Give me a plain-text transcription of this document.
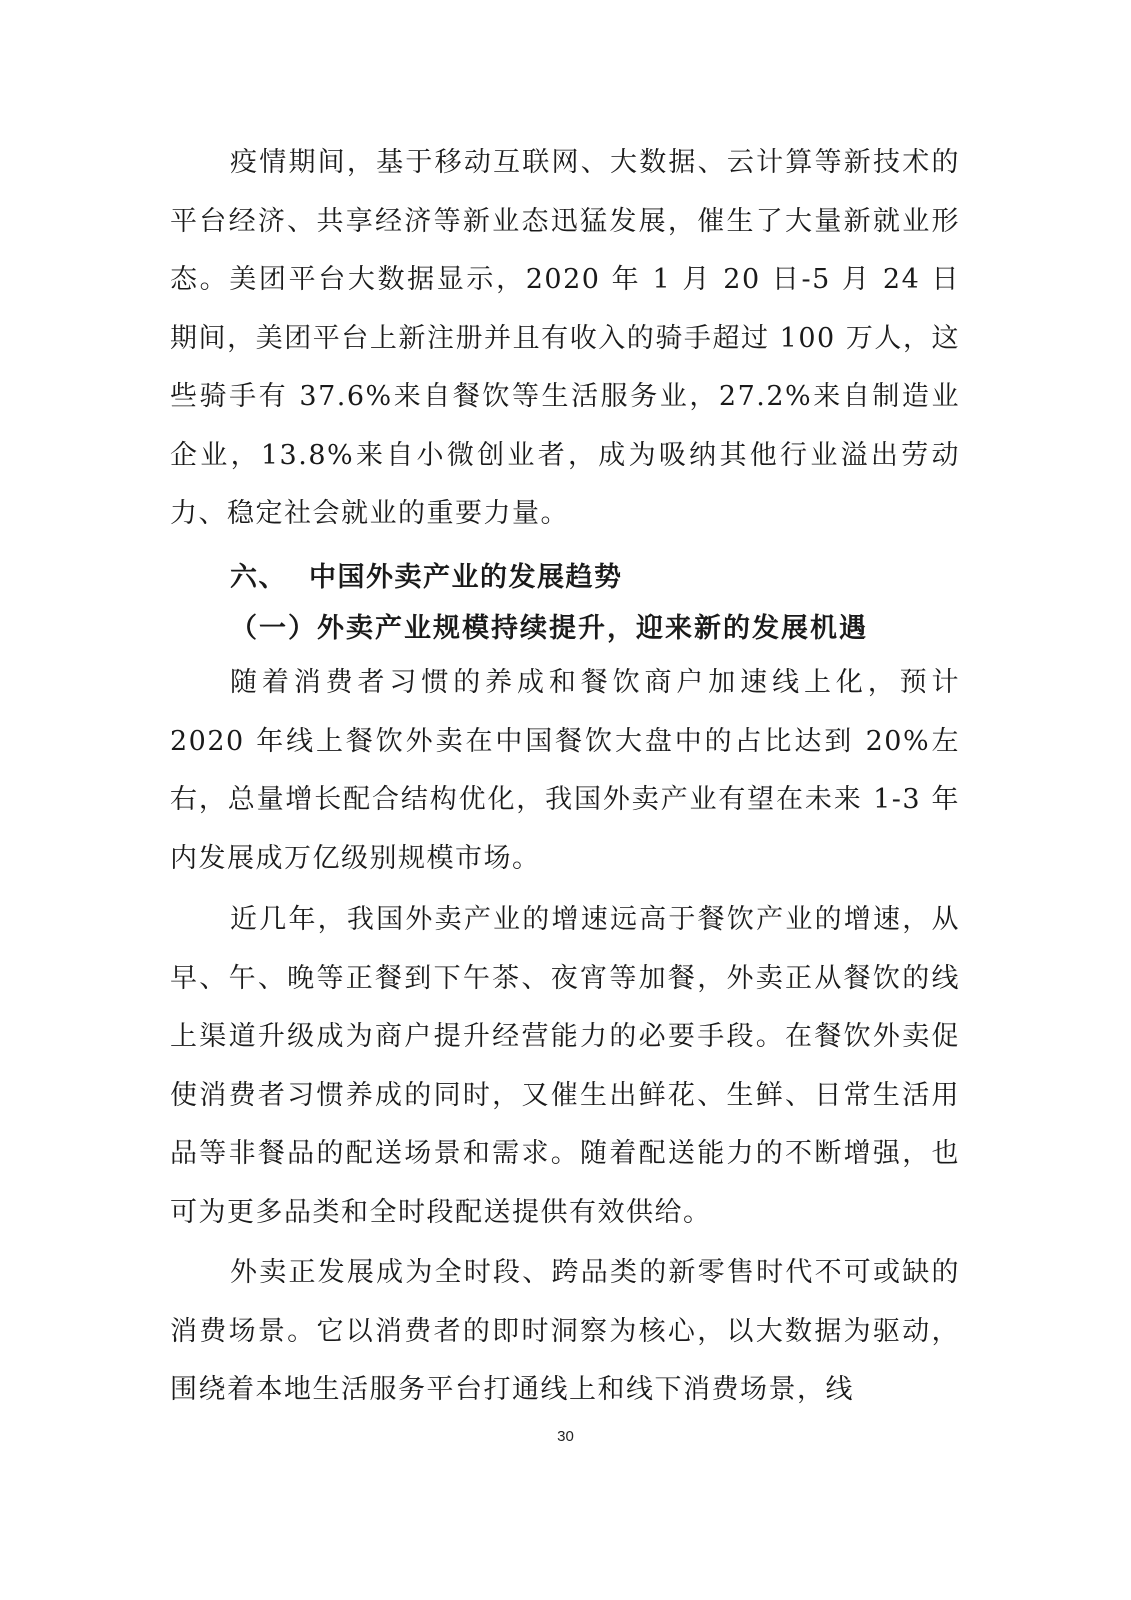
疫情期间，基于移动互联网、大数据、云计算等新技术的平台经济、共享经济等新业态迅猛发展，催生了大量新就业形态。美团平台大数据显示，2020 年 1 月 20 日-5 月 24 日期间，美团平台上新注册并且有收入的骑手超过 100 万人，这些骑手有 37.6%来自餐饮等生活服务业，27.2%来自制造业企业，13.8%来自小微创业者，成为吸纳其他行业溢出劳动力、稳定社会就业的重要力量。

六、 中国外卖产业的发展趋势
（一）外卖产业规模持续提升，迎来新的发展机遇

随着消费者习惯的养成和餐饮商户加速线上化，预计 2020 年线上餐饮外卖在中国餐饮大盘中的占比达到 20%左右，总量增长配合结构优化，我国外卖产业有望在未来 1-3 年内发展成万亿级别规模市场。

近几年，我国外卖产业的增速远高于餐饮产业的增速，从早、午、晚等正餐到下午茶、夜宵等加餐，外卖正从餐饮的线上渠道升级成为商户提升经营能力的必要手段。在餐饮外卖促使消费者习惯养成的同时，又催生出鲜花、生鲜、日常生活用品等非餐品的配送场景和需求。随着配送能力的不断增强，也可为更多品类和全时段配送提供有效供给。

外卖正发展成为全时段、跨品类的新零售时代不可或缺的消费场景。它以消费者的即时洞察为核心，以大数据为驱动，围绕着本地生活服务平台打通线上和线下消费场景，线

30
